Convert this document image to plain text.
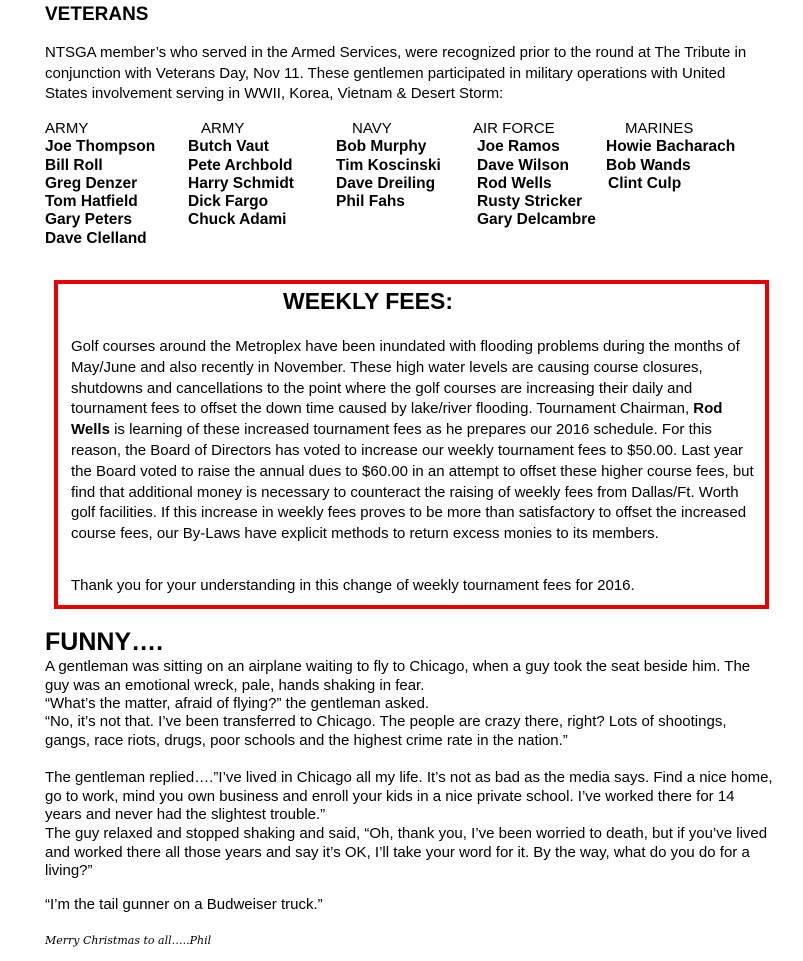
VETERANS
NTSGA member’s who served in the Armed Services, were recognized prior to the round at The Tribute in conjunction with Veterans Day, Nov 11. These gentlemen participated in military operations with United States involvement serving in WWII, Korea, Vietnam & Desert Storm:
ARMY
Joe Thompson
Bill Roll
Greg Denzer
Tom Hatfield
Gary Peters
Dave Clelland
ARMY
Butch Vaut
Pete Archbold
Harry Schmidt
Dick Fargo
Chuck Adami
NAVY
Bob Murphy
Tim Koscinski
Dave Dreiling
Phil Fahs
AIR FORCE
Joe Ramos
Dave Wilson
Rod Wells
Rusty Stricker
Gary Delcambre
MARINES
Howie Bacharach
Bob Wands
Clint Culp
WEEKLY FEES:

Golf courses around the Metroplex have been inundated with flooding problems during the months of May/June and also recently in November. These high water levels are causing course closures, shutdowns and cancellations to the point where the golf courses are increasing their daily and tournament fees to offset the down time caused by lake/river flooding. Tournament Chairman, Rod Wells is learning of these increased tournament fees as he prepares our 2016 schedule. For this reason, the Board of Directors has voted to increase our weekly tournament fees to $50.00. Last year the Board voted to raise the annual dues to $60.00 in an attempt to offset these higher course fees, but find that additional money is necessary to counteract the raising of weekly fees from Dallas/Ft. Worth golf facilities. If this increase in weekly fees proves to be more than satisfactory to offset the increased course fees, our By-Laws have explicit methods to return excess monies to its members.

Thank you for your understanding in this change of weekly tournament fees for 2016.
FUNNY….

A gentleman was sitting on an airplane waiting to fly to Chicago, when a guy took the seat beside him. The guy was an emotional wreck, pale, hands shaking in fear.

“What’s the matter, afraid of flying?” the gentleman asked.

“No, it’s not that. I’ve been transferred to Chicago. The people are crazy there, right? Lots of shootings, gangs, race riots, drugs, poor schools and the highest crime rate in the nation.”

The gentleman replied….”I’ve lived in Chicago all my life. It’s not as bad as the media says. Find a nice home, go to work, mind you own business and enroll your kids in a nice private school. I’ve worked there for 14 years and never had the slightest trouble.”

The guy relaxed and stopped shaking and said, “Oh, thank you, I’ve been worried to death, but if you’ve lived and worked there all those years and say it’s OK, I’ll take your word for it. By the way, what do you do for a living?”

“I’m the tail gunner on a Budweiser truck.”

Merry Christmas to all…..Phil
